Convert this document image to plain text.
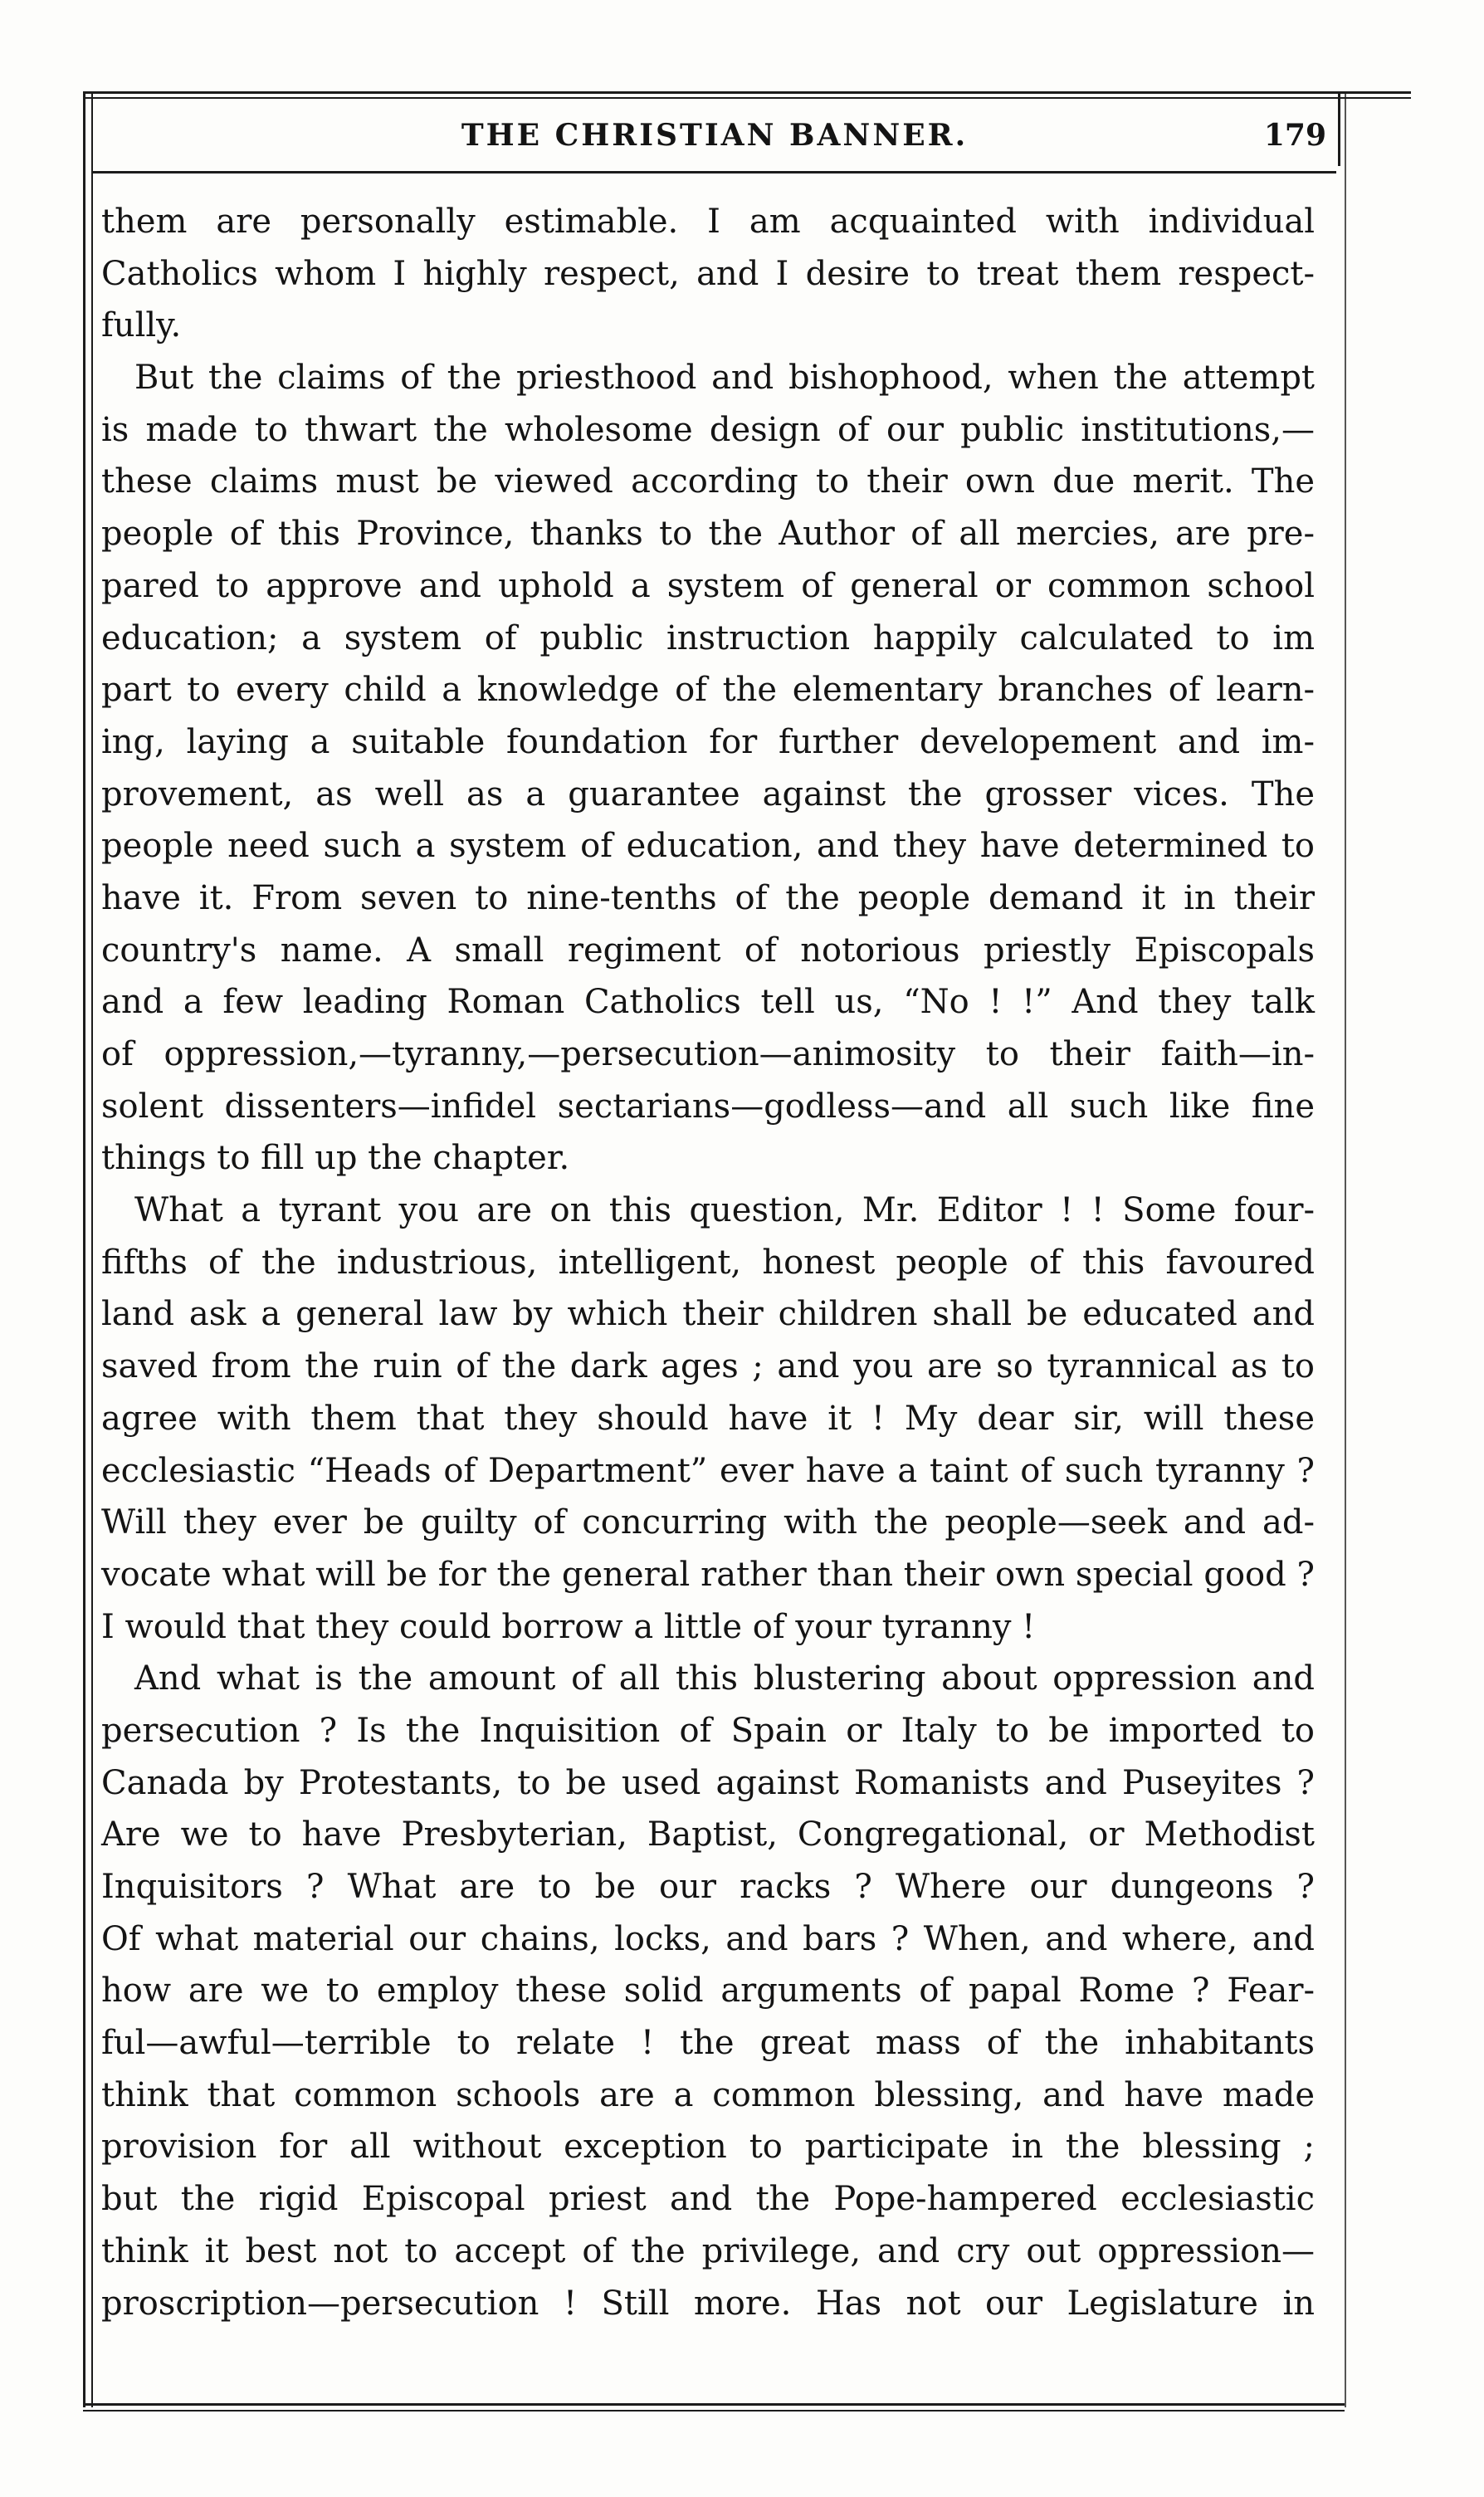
THE CHRISTIAN BANNER.	179
them are personally estimable. I am acquainted with individual
Catholics whom I highly respect, and I desire to treat them respect-
fully.
But the claims of the priesthood and bishophood, when the attempt
is made to thwart the wholesome design of our public institutions,—
these claims must be viewed according to their own due merit. The
people of this Province, thanks to the Author of all mercies, are pre-
pared to approve and uphold a system of general or common school
education; a system of public instruction happily calculated to im
part to every child a knowledge of the elementary branches of learn-
ing, laying a suitable foundation for further developement and im-
provement, as well as a guarantee against the grosser vices. The
people need such a system of education, and they have determined to
have it. From seven to nine-tenths of the people demand it in their
country's name. A small regiment of notorious priestly Episcopals
and a few leading Roman Catholics tell us, “No ! !” And they talk
of oppression,—tyranny,—persecution—animosity to their faith—in-
solent dissenters—infidel sectarians—godless—and all such like fine
things to fill up the chapter.
What a tyrant you are on this question, Mr. Editor ! ! Some four-
fifths of the industrious, intelligent, honest people of this favoured
land ask a general law by which their children shall be educated and
saved from the ruin of the dark ages ; and you are so tyrannical as to
agree with them that they should have it ! My dear sir, will these
ecclesiastic “Heads of Department” ever have a taint of such tyranny ?
Will they ever be guilty of concurring with the people—seek and ad-
vocate what will be for the general rather than their own special good ?
I would that they could borrow a little of your tyranny !
And what is the amount of all this blustering about oppression and
persecution ? Is the Inquisition of Spain or Italy to be imported to
Canada by Protestants, to be used against Romanists and Puseyites ?
Are we to have Presbyterian, Baptist, Congregational, or Methodist
Inquisitors ? What are to be our racks ? Where our dungeons ?
Of what material our chains, locks, and bars ? When, and where, and
how are we to employ these solid arguments of papal Rome ? Fear-
ful—awful—terrible to relate ! the great mass of the inhabitants
think that common schools are a common blessing, and have made
provision for all without exception to participate in the blessing ;
but the rigid Episcopal priest and the Pope-hampered ecclesiastic
think it best not to accept of the privilege, and cry out oppression—
proscription—persecution ! Still more. Has not our Legislature in
